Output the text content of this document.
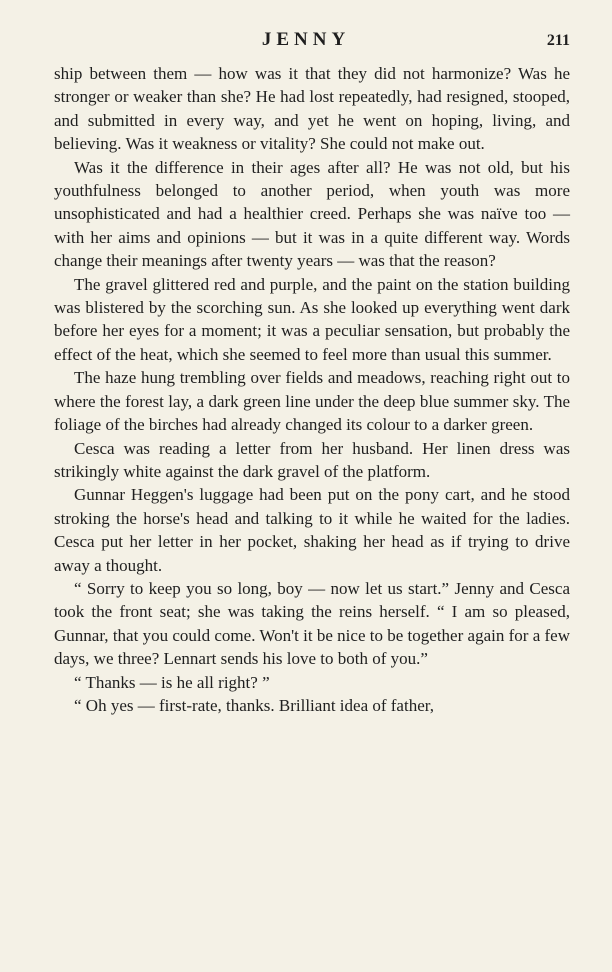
JENNY	211

ship between them — how was it that they did not harmonize? Was he stronger or weaker than she? He had lost repeatedly, had resigned, stooped, and submitted in every way, and yet he went on hoping, living, and believing. Was it weakness or vitality? She could not make out.

Was it the difference in their ages after all? He was not old, but his youthfulness belonged to another period, when youth was more unsophisticated and had a healthier creed. Perhaps she was naïve too — with her aims and opinions — but it was in a quite different way. Words change their meanings after twenty years — was that the reason?

The gravel glittered red and purple, and the paint on the station building was blistered by the scorching sun. As she looked up everything went dark before her eyes for a moment; it was a peculiar sensation, but probably the effect of the heat, which she seemed to feel more than usual this summer.

The haze hung trembling over fields and meadows, reaching right out to where the forest lay, a dark green line under the deep blue summer sky. The foliage of the birches had already changed its colour to a darker green.

Cesca was reading a letter from her husband. Her linen dress was strikingly white against the dark gravel of the platform.

Gunnar Heggen's luggage had been put on the pony cart, and he stood stroking the horse's head and talking to it while he waited for the ladies. Cesca put her letter in her pocket, shaking her head as if trying to drive away a thought.

“ Sorry to keep you so long, boy — now let us start.” Jenny and Cesca took the front seat; she was taking the reins herself. “ I am so pleased, Gunnar, that you could come. Won't it be nice to be together again for a few days, we three? Lennart sends his love to both of you.”

“ Thanks — is he all right? ”

“ Oh yes — first-rate, thanks. Brilliant idea of father,
